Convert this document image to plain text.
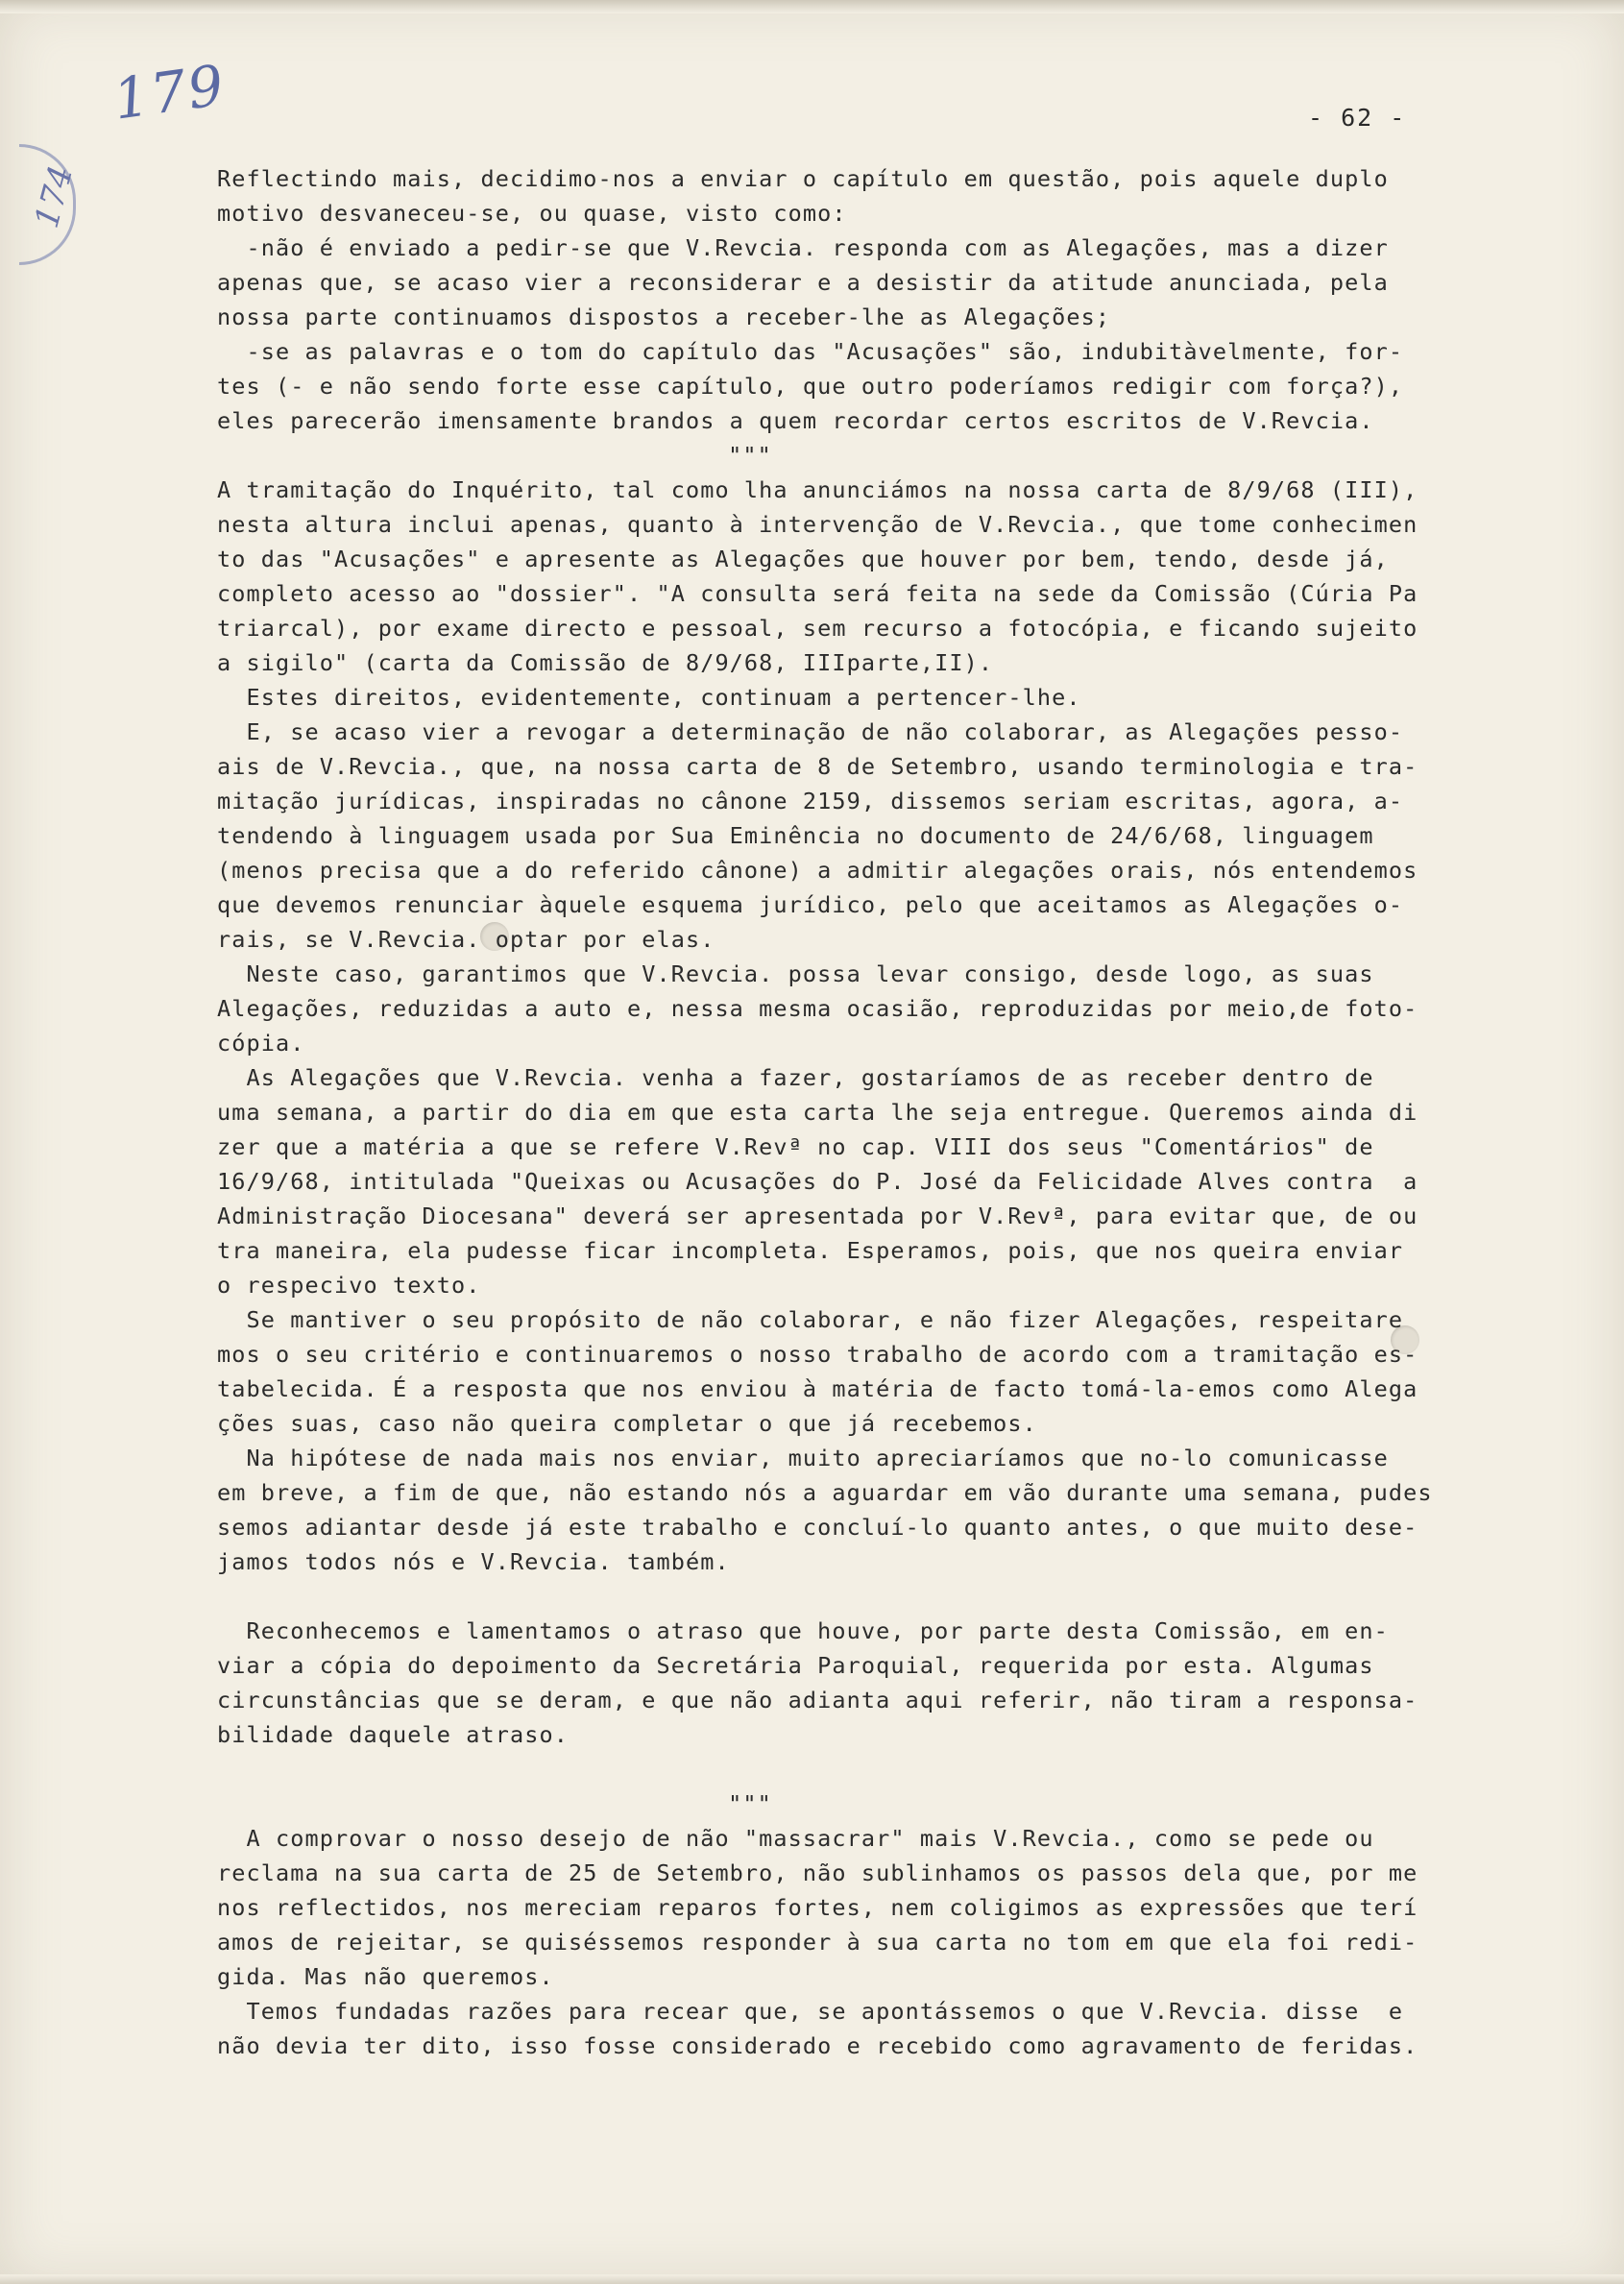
179
174
- 62 -

Reflectindo mais, decidimo-nos a enviar o capítulo em questão, pois aquele duplo

motivo desvaneceu-se, ou quase, visto como:

-não é enviado a pedir-se que V.Revcia. responda com as Alegações, mas a dizer

apenas que, se acaso vier a reconsiderar e a desistir da atitude anunciada, pela

nossa parte continuamos dispostos a receber-lhe as Alegações;

-se as palavras e o tom do capítulo das "Acusações" são, indubitàvelmente, for-

tes (- e não sendo forte esse capítulo, que outro poderíamos redigir com força?),

eles parecerão imensamente brandos a quem recordar certos escritos de V.Revcia.

"""

A tramitação do Inquérito, tal como lha anunciámos na nossa carta de 8/9/68 (III),

nesta altura inclui apenas, quanto à intervenção de V.Revcia., que tome conhecimen

to das "Acusações" e apresente as Alegações que houver por bem, tendo, desde já,

completo acesso ao "dossier". "A consulta será feita na sede da Comissão (Cúria Pa

triarcal), por exame directo e pessoal, sem recurso a fotocópia, e ficando sujeito

a sigilo" (carta da Comissão de 8/9/68, IIIparte,II).

Estes direitos, evidentemente, continuam a pertencer-lhe.

E, se acaso vier a revogar a determinação de não colaborar, as Alegações pesso-

ais de V.Revcia., que, na nossa carta de 8 de Setembro, usando terminologia e tra-

mitação jurídicas, inspiradas no cânone 2159, dissemos seriam escritas, agora, a-

tendendo à linguagem usada por Sua Eminência no documento de 24/6/68, linguagem

(menos precisa que a do referido cânone) a admitir alegações orais, nós entendemos

que devemos renunciar àquele esquema jurídico, pelo que aceitamos as Alegações o-

rais, se V.Revcia. optar por elas.

Neste caso, garantimos que V.Revcia. possa levar consigo, desde logo, as suas

Alegações, reduzidas a auto e, nessa mesma ocasião, reproduzidas por meio,de foto-

cópia.

As Alegações que V.Revcia. venha a fazer, gostaríamos de as receber dentro de

uma semana, a partir do dia em que esta carta lhe seja entregue. Queremos ainda di

zer que a matéria a que se refere V.Revª no cap. VIII dos seus "Comentários" de

16/9/68, intitulada "Queixas ou Acusações do P. José da Felicidade Alves contra  a

Administração Diocesana" deverá ser apresentada por V.Revª, para evitar que, de ou

tra maneira, ela pudesse ficar incompleta. Esperamos, pois, que nos queira enviar

o respecivo texto.

Se mantiver o seu propósito de não colaborar, e não fizer Alegações, respeitare

mos o seu critério e continuaremos o nosso trabalho de acordo com a tramitação es-

tabelecida. É a resposta que nos enviou à matéria de facto tomá-la-emos como Alega

ções suas, caso não queira completar o que já recebemos.

Na hipótese de nada mais nos enviar, muito apreciaríamos que no-lo comunicasse

em breve, a fim de que, não estando nós a aguardar em vão durante uma semana, pudes

semos adiantar desde já este trabalho e concluí-lo quanto antes, o que muito dese-

jamos todos nós e V.Revcia. também.

Reconhecemos e lamentamos o atraso que houve, por parte desta Comissão, em en-

viar a cópia do depoimento da Secretária Paroquial, requerida por esta. Algumas

circunstâncias que se deram, e que não adianta aqui referir, não tiram a responsa-

bilidade daquele atraso.

"""

A comprovar o nosso desejo de não "massacrar" mais V.Revcia., como se pede ou

reclama na sua carta de 25 de Setembro, não sublinhamos os passos dela que, por me

nos reflectidos, nos mereciam reparos fortes, nem coligimos as expressões que terí

amos de rejeitar, se quiséssemos responder à sua carta no tom em que ela foi redi-

gida. Mas não queremos.

Temos fundadas razões para recear que, se apontássemos o que V.Revcia. disse  e

não devia ter dito, isso fosse considerado e recebido como agravamento de feridas.
